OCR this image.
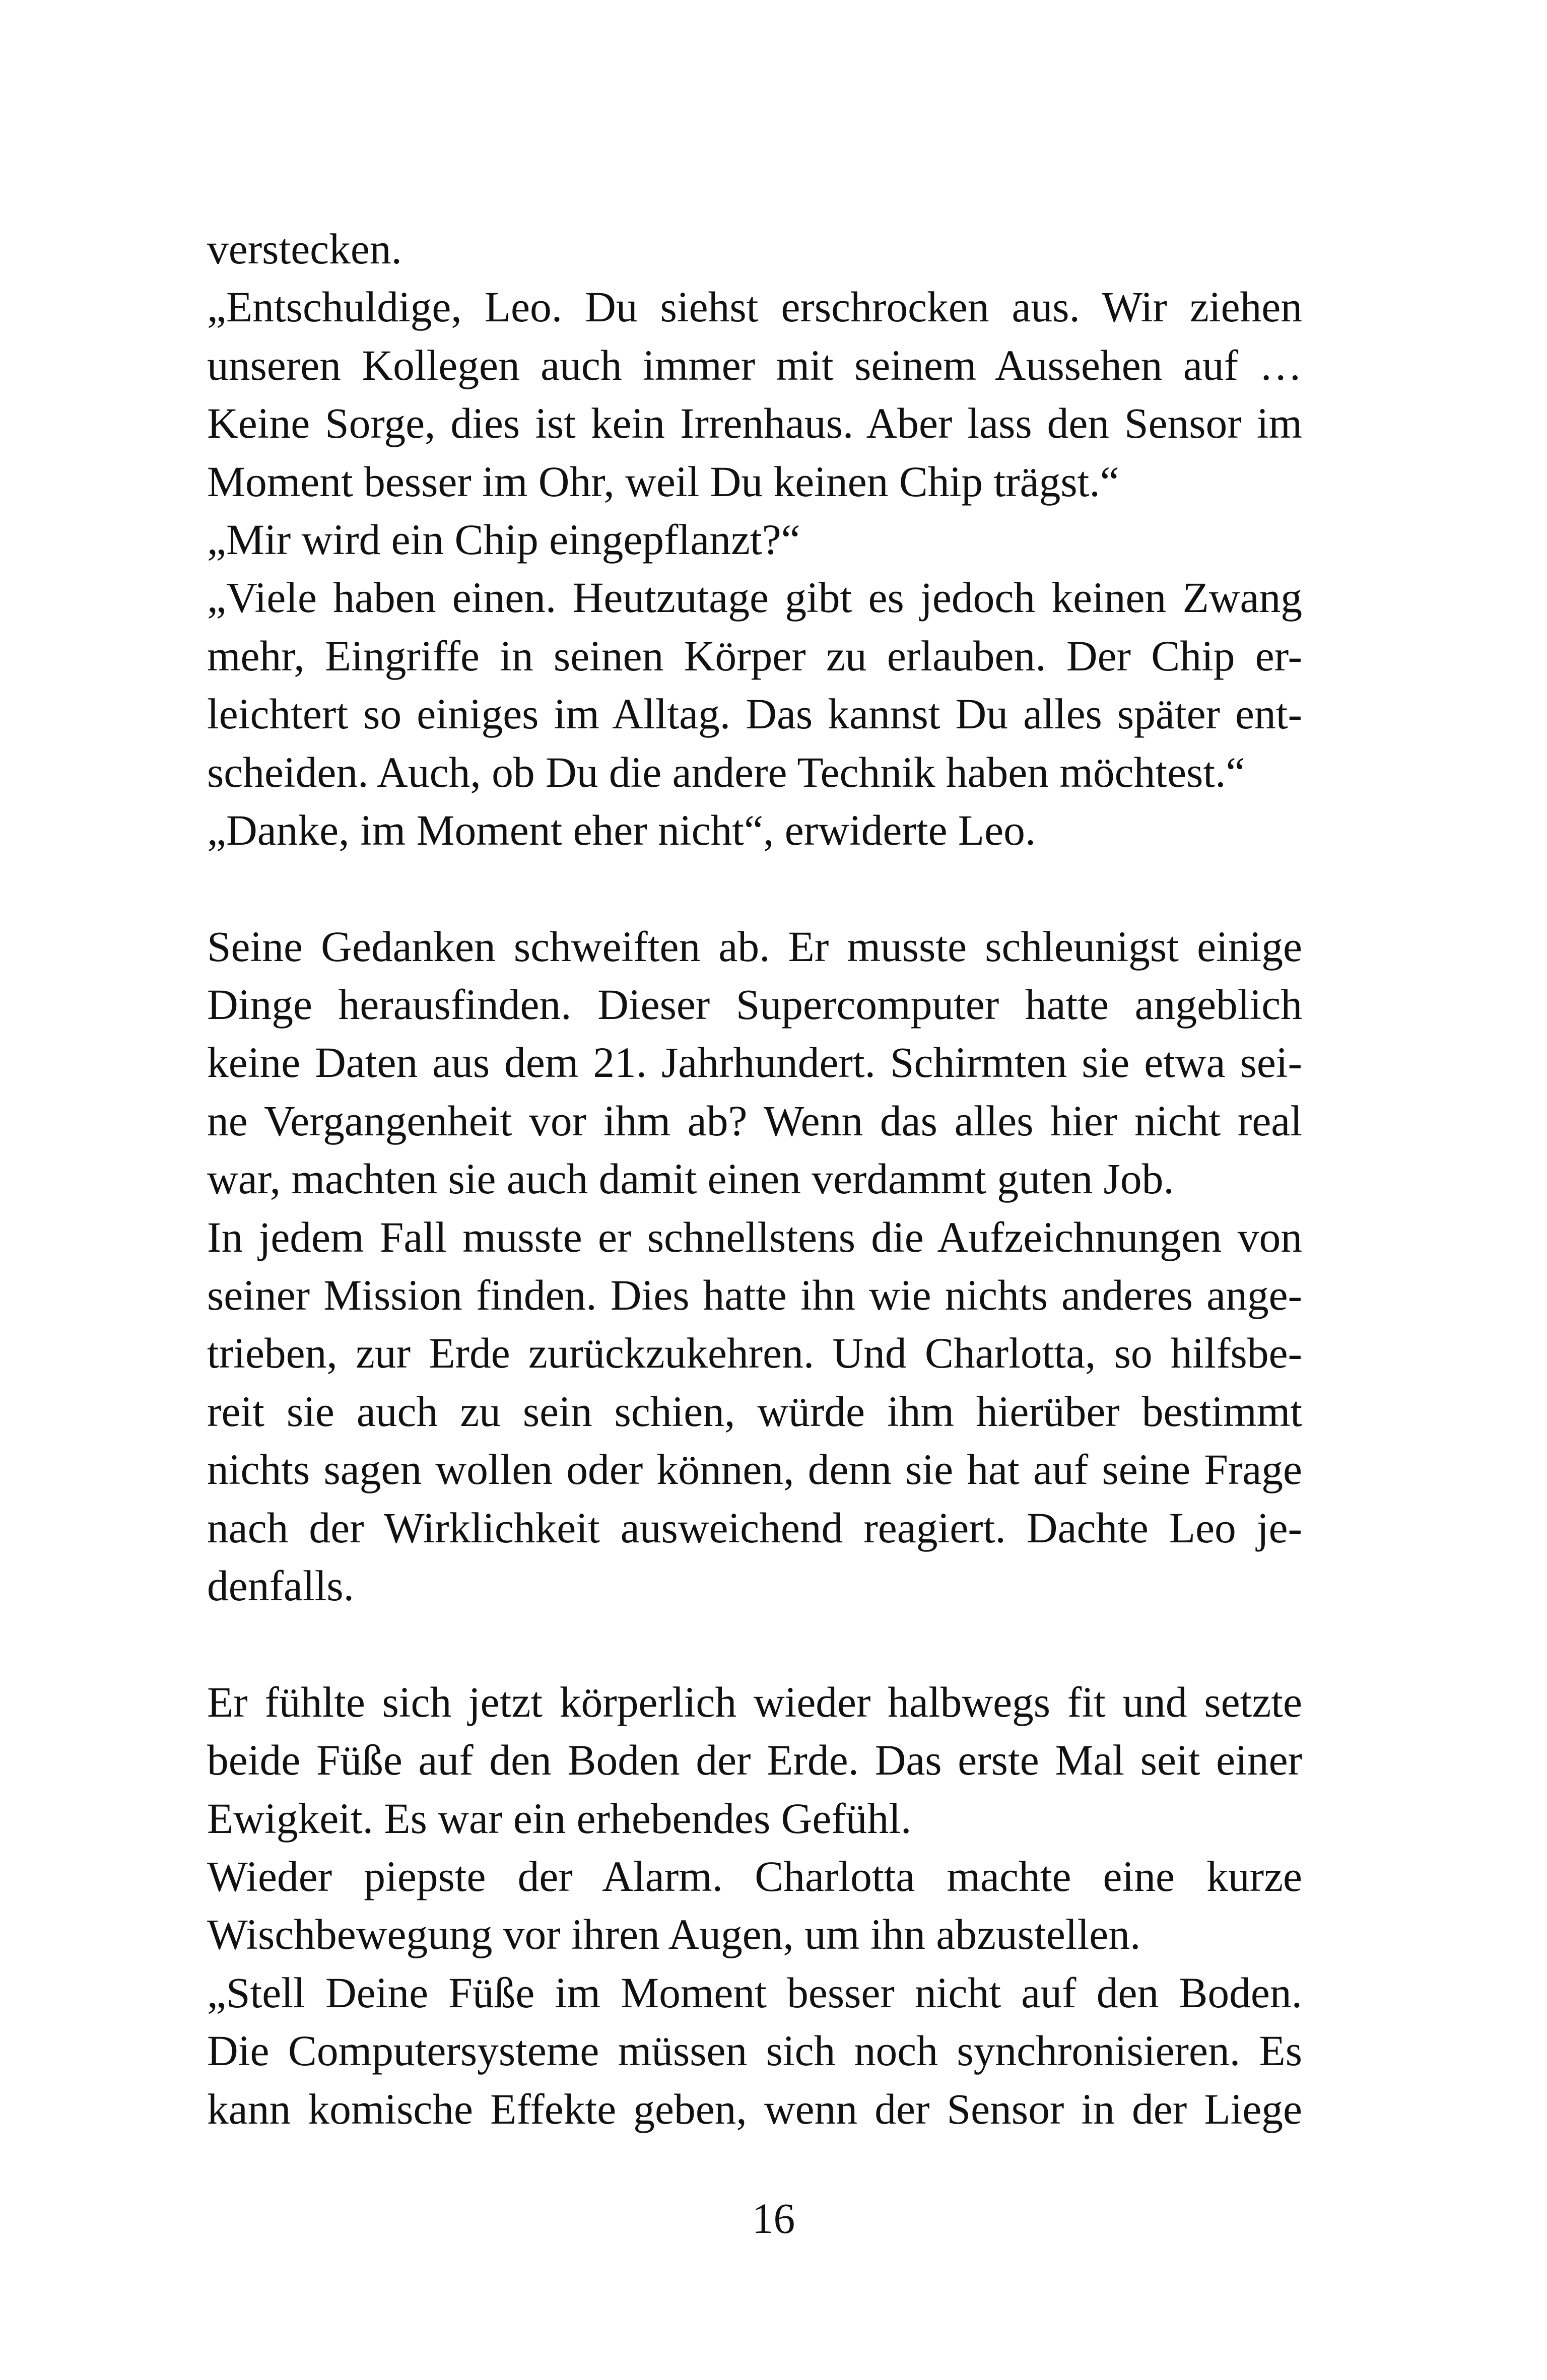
verstecken.

„Entschuldige, Leo. Du siehst erschrocken aus. Wir ziehen
unseren Kollegen auch immer mit seinem Aussehen auf …
Keine Sorge, dies ist kein Irrenhaus. Aber lass den Sensor im
Moment besser im Ohr, weil Du keinen Chip trägst.“

„Mir wird ein Chip eingepflanzt?“

„Viele haben einen. Heutzutage gibt es jedoch keinen Zwang
mehr, Eingriffe in seinen Körper zu erlauben. Der Chip er-
leichtert so einiges im Alltag. Das kannst Du alles später ent-
scheiden. Auch, ob Du die andere Technik haben möchtest.“

„Danke, im Moment eher nicht“, erwiderte Leo.

Seine Gedanken schweiften ab. Er musste schleunigst einige
Dinge herausfinden. Dieser Supercomputer hatte angeblich
keine Daten aus dem 21. Jahrhundert. Schirmten sie etwa sei-
ne Vergangenheit vor ihm ab? Wenn das alles hier nicht real
war, machten sie auch damit einen verdammt guten Job.

In jedem Fall musste er schnellstens die Aufzeichnungen von
seiner Mission finden. Dies hatte ihn wie nichts anderes ange-
trieben, zur Erde zurückzukehren. Und Charlotta, so hilfsbe-
reit sie auch zu sein schien, würde ihm hierüber bestimmt
nichts sagen wollen oder können, denn sie hat auf seine Frage
nach der Wirklichkeit ausweichend reagiert. Dachte Leo je-
denfalls.

Er fühlte sich jetzt körperlich wieder halbwegs fit und setzte
beide Füße auf den Boden der Erde. Das erste Mal seit einer
Ewigkeit. Es war ein erhebendes Gefühl.

Wieder piepste der Alarm. Charlotta machte eine kurze
Wischbewegung vor ihren Augen, um ihn abzustellen.

„Stell Deine Füße im Moment besser nicht auf den Boden.
Die Computersysteme müssen sich noch synchronisieren. Es
kann komische Effekte geben, wenn der Sensor in der Liege

16
